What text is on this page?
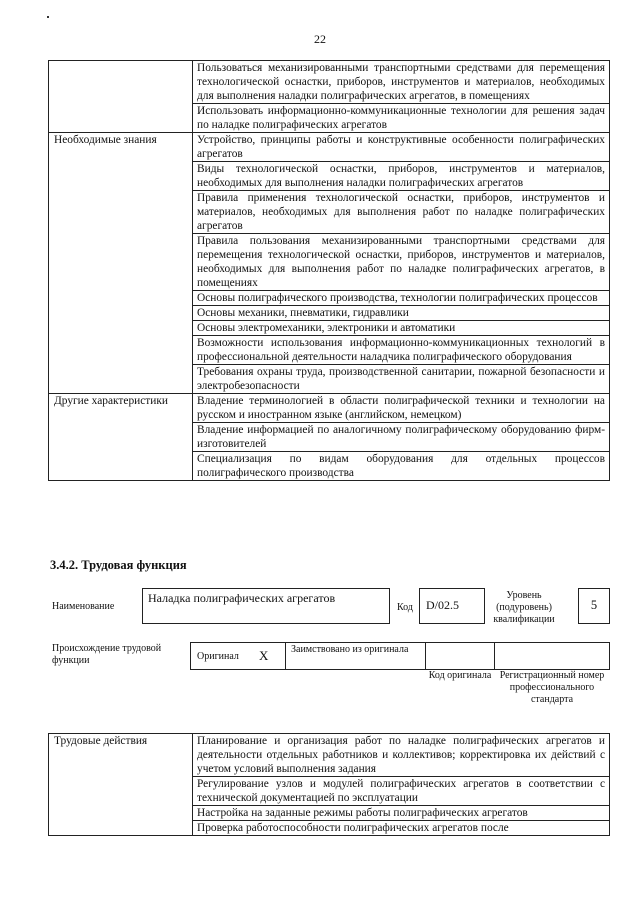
22
	Пользоваться механизированными транспортными средствами для перемещения технологической оснастки, приборов, инструментов и материалов, необходимых для выполнения наладки полиграфических агрегатов, в помещениях
	Использовать информационно-коммуникационные технологии для решения задач по наладке полиграфических агрегатов
Необходимые знания	Устройство, принципы работы и конструктивные особенности полиграфических агрегатов
	Виды технологической оснастки, приборов, инструментов и материалов, необходимых для выполнения наладки полиграфических агрегатов
	Правила применения технологической оснастки, приборов, инструментов и материалов, необходимых для выполнения работ по наладке полиграфических агрегатов
	Правила пользования механизированными транспортными средствами для перемещения технологической оснастки, приборов, инструментов и материалов, необходимых для выполнения работ по наладке полиграфических агрегатов, в помещениях
	Основы полиграфического производства, технологии полиграфических процессов
	Основы механики, пневматики, гидравлики
	Основы электромеханики, электроники и автоматики
	Возможности использования информационно-коммуникационных технологий в профессиональной деятельности наладчика полиграфического оборудования
	Требования охраны труда, производственной санитарии, пожарной безопасности и электробезопасности
Другие характеристики	Владение терминологией в области полиграфической техники и технологии на русском и иностранном языке (английском, немецком)
	Владение информацией по аналогичному полиграфическому оборудованию фирм-изготовителей
	Специализация по видам оборудования для отдельных процессов полиграфического производства
3.4.2. Трудовая функция
Наименование
Наладка полиграфических агрегатов
Код	D/02.5
Уровень (подуровень) квалификации
5
Происхождение трудовой функции	Оригинал X Заимствовано из оригинала
Код оригинала Регистрационный номер профессионального стандарта
Трудовые действия	Планирование и организация работ по наладке полиграфических агрегатов и деятельности отдельных работников и коллективов; корректировка их действий с учетом условий выполнения задания
Регулирование узлов и модулей полиграфических агрегатов в соответствии с технической документацией по эксплуатации
Настройка на заданные режимы работы полиграфических агрегатов
Проверка работоспособности полиграфических агрегатов после
